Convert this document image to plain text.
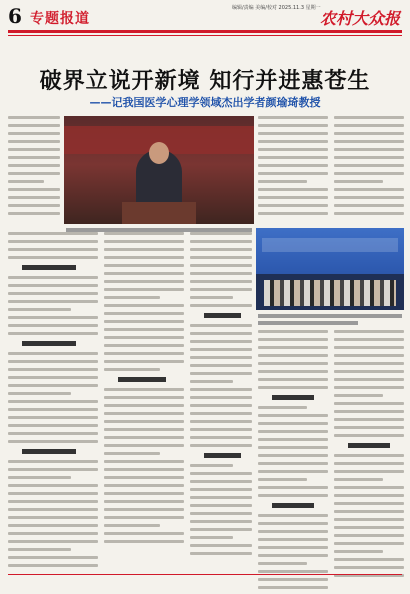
6 专题报道
编辑/责编 美编/校对 2025.11.3 星期一
农村大众报
破界立说开新境 知行并进惠苍生
——记我国医学心理学领域杰出学者颜瑜琦教授
